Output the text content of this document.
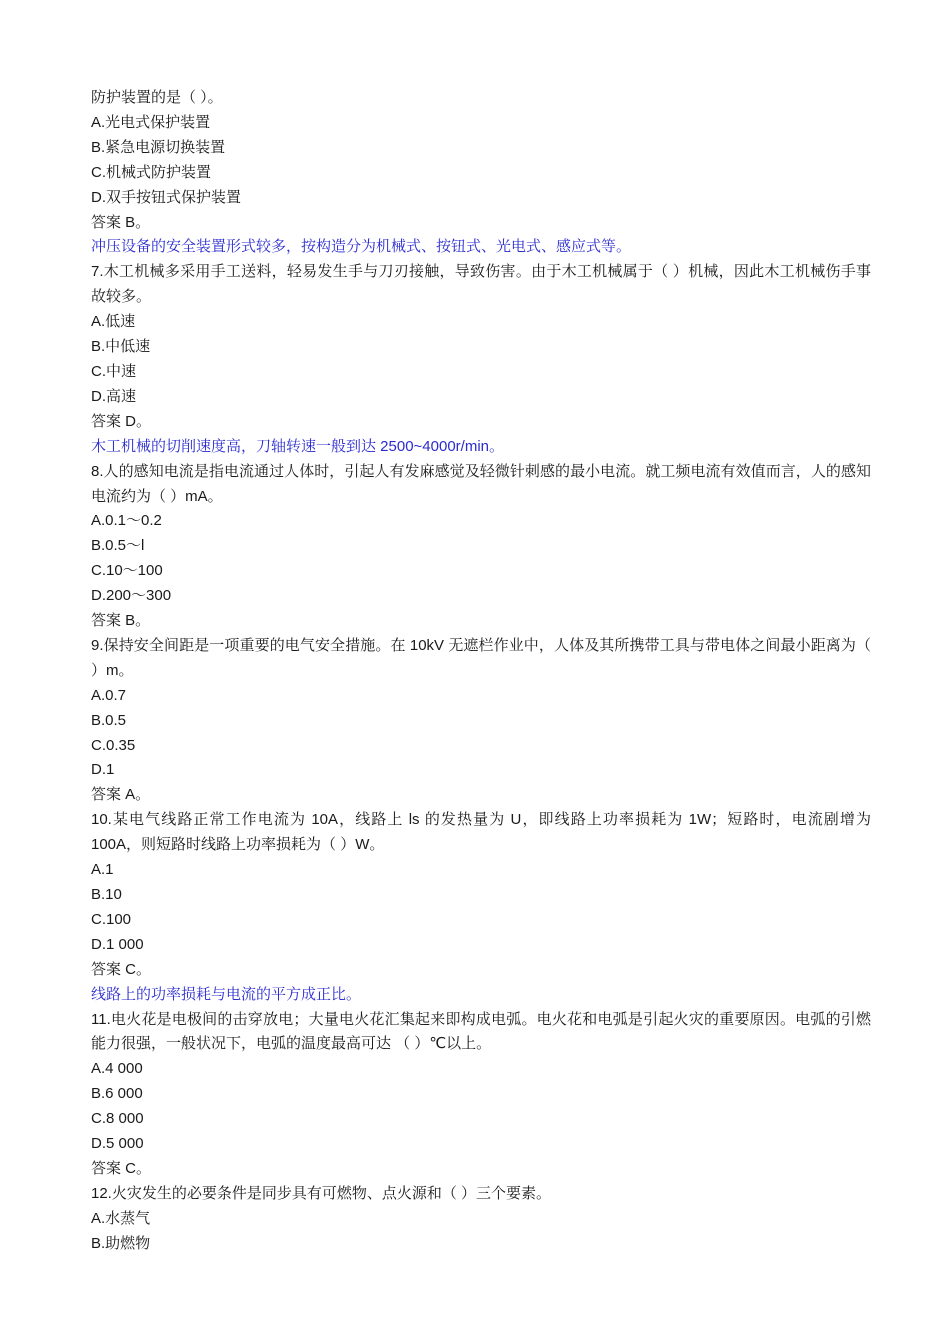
防护装置的是（ ）。

A.光电式保护装置

B.紧急电源切换装置

C.机械式防护装置

D.双手按钮式保护装置

答案 B。

冲压设备的安全装置形式较多，按构造分为机械式、按钮式、光电式、感应式等。

7.木工机械多采用手工送料，轻易发生手与刀刃接触，导致伤害。由于木工机械属于（ ）机械，因此木工机械伤手事故较多。

A.低速

B.中低速

C.中速

D.高速

答案 D。

木工机械的切削速度高，刀轴转速一般到达 2500~4000r/min。

8.人的感知电流是指电流通过人体时，引起人有发麻感觉及轻微针刺感的最小电流。就工频电流有效值而言，人的感知电流约为（ ）mA。

A.0.1～0.2

B.0.5～l

C.10～100

D.200～300

答案 B。

9.保持安全间距是一项重要的电气安全措施。在 10kV 无遮栏作业中，人体及其所携带工具与带电体之间最小距离为（ ）m。

A.0.7

B.0.5

C.0.35

D.1

答案 A。

10.某电气线路正常工作电流为 10A，线路上 ls 的发热量为 U，即线路上功率损耗为 1W；短路时，电流剧增为 100A，则短路时线路上功率损耗为（ ）W。

A.1

B.10

C.100

D.1 000

答案 C。

线路上的功率损耗与电流的平方成正比。

11.电火花是电极间的击穿放电；大量电火花汇集起来即构成电弧。电火花和电弧是引起火灾的重要原因。电弧的引燃能力很强，一般状况下，电弧的温度最高可达 （ ）℃以上。

A.4 000

B.6 000

C.8 000

D.5 000

答案 C。

12.火灾发生的必要条件是同步具有可燃物、点火源和（ ）三个要素。

A.水蒸气

B.助燃物
